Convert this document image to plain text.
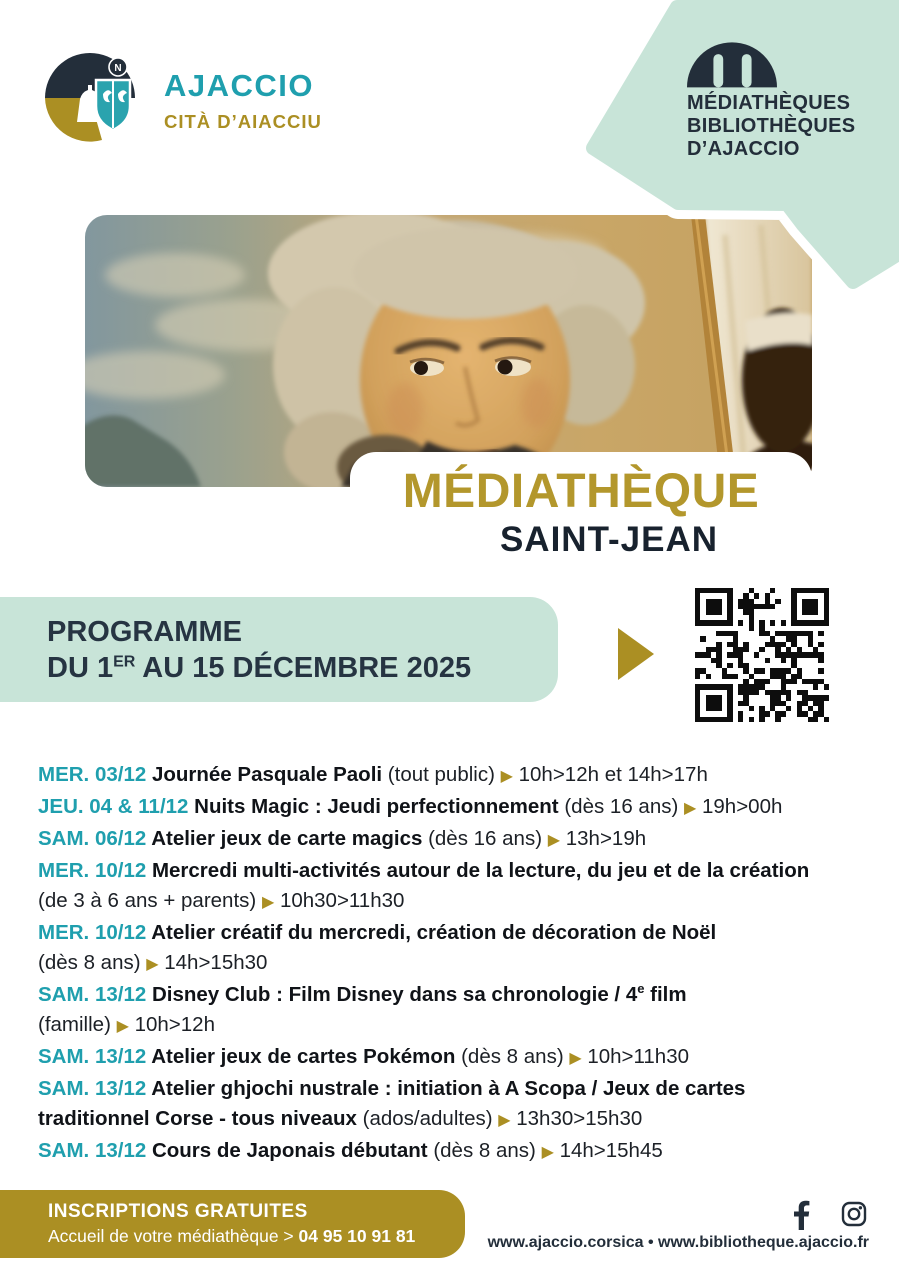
N AJACCIO
CITÀ D’AIACCIU
MÉDIATHÈQUES
BIBLIOTHÈQUES
D’AJACCIO
MÉDIATHÈQUE
SAINT-JEAN
PROGRAMME
DU 1ER AU 15 DÉCEMBRE 2025

MER. 03/12 Journée Pasquale Paoli (tout public) ▶ 10h>12h et 14h>17h

JEU. 04 & 11/12 Nuits Magic : Jeudi perfectionnement (dès 16 ans) ▶ 19h>00h

SAM. 06/12 Atelier jeux de carte magics (dès 16 ans) ▶ 13h>19h

MER. 10/12 Mercredi multi-activités autour de la lecture, du jeu et de la création

(de 3 à 6 ans + parents) ▶ 10h30>11h30

MER. 10/12 Atelier créatif du mercredi, création de décoration de Noël

(dès 8 ans) ▶ 14h>15h30

SAM. 13/12 Disney Club : Film Disney dans sa chronologie / 4e film

(famille) ▶ 10h>12h

SAM. 13/12 Atelier jeux de cartes Pokémon (dès 8 ans) ▶ 10h>11h30

SAM. 13/12 Atelier ghjochi nustrale : initiation à A Scopa / Jeux de cartes

traditionnel Corse - tous niveaux (ados/adultes) ▶ 13h30>15h30

SAM. 13/12 Cours de Japonais débutant (dès 8 ans) ▶ 14h>15h45

INSCRIPTIONS GRATUITES
Accueil de votre médiathèque > 04 95 10 91 81	www.ajaccio.corsica • www.bibliotheque.ajaccio.fr
